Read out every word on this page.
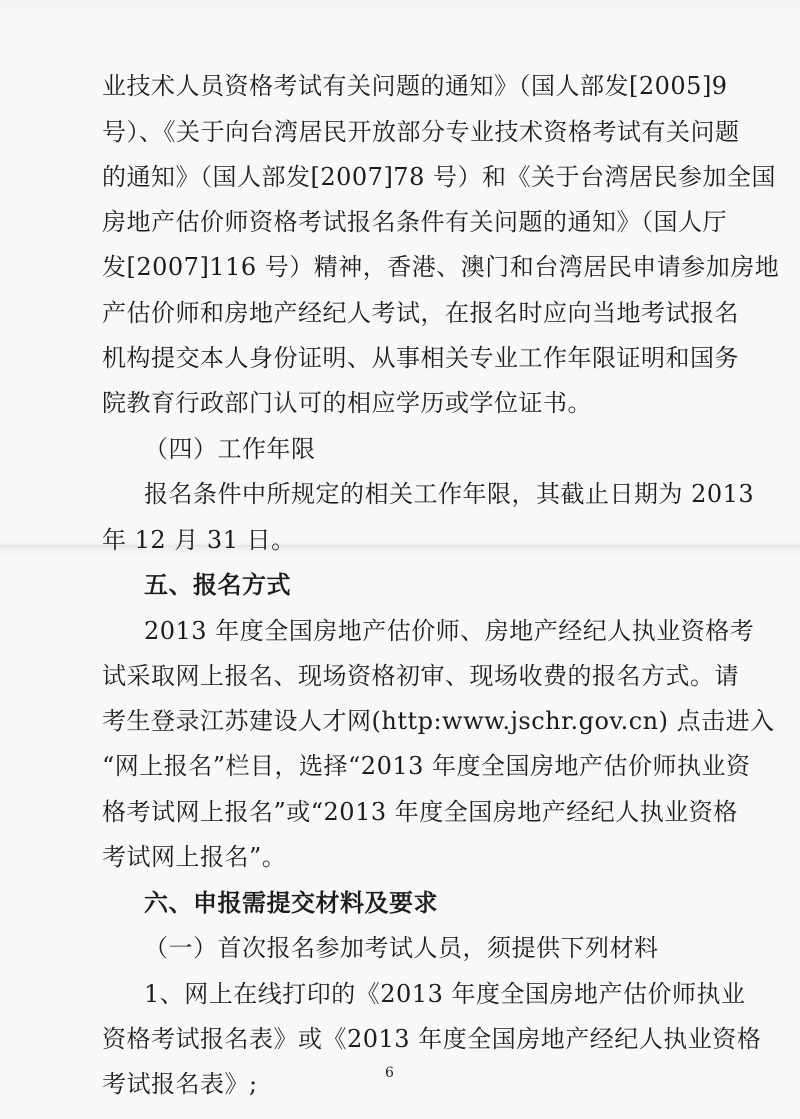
业技术人员资格考试有关问题的通知》（国人部发[2005]9
号）、《关于向台湾居民开放部分专业技术资格考试有关问题
的通知》（国人部发[2007]78 号）和《关于台湾居民参加全国
房地产估价师资格考试报名条件有关问题的通知》（国人厅
发[2007]116 号）精神，香港、澳门和台湾居民申请参加房地
产估价师和房地产经纪人考试，在报名时应向当地考试报名
机构提交本人身份证明、从事相关专业工作年限证明和国务
院教育行政部门认可的相应学历或学位证书。
（四）工作年限
报名条件中所规定的相关工作年限，其截止日期为 2013
年 12 月 31 日。
五、报名方式
2013 年度全国房地产估价师、房地产经纪人执业资格考
试采取网上报名、现场资格初审、现场收费的报名方式。请
考生登录江苏建设人才网(http:www.jschr.gov.cn) 点击进入
“网上报名”栏目，选择“2013 年度全国房地产估价师执业资
格考试网上报名”或“2013 年度全国房地产经纪人执业资格
考试网上报名”。
六、申报需提交材料及要求
（一）首次报名参加考试人员，须提供下列材料
1、网上在线打印的《2013 年度全国房地产估价师执业
资格考试报名表》或《2013 年度全国房地产经纪人执业资格
考试报名表》;	6
